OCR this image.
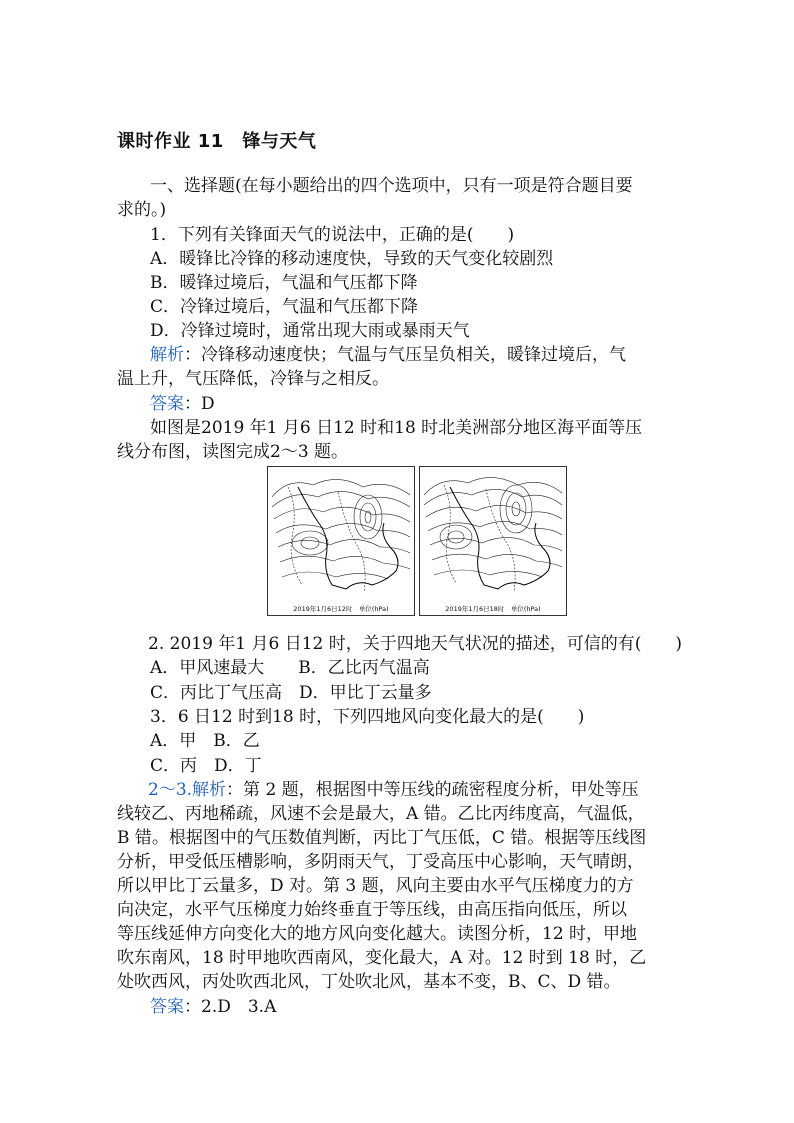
课时作业 11　锋与天气
一、选择题(在每小题给出的四个选项中，只有一项是符合题目要
求的。)
1．下列有关锋面天气的说法中，正确的是(　　)
A．暖锋比冷锋的移动速度快，导致的天气变化较剧烈
B．暖锋过境后，气温和气压都下降
C．冷锋过境后，气温和气压都下降
D．冷锋过境时，通常出现大雨或暴雨天气
解析：冷锋移动速度快；气温与气压呈负相关，暖锋过境后，气
温上升，气压降低，冷锋与之相反。
答案：D
如图是2019 年1 月6 日12 时和18 时北美洲部分地区海平面等压
线分布图，读图完成2～3 题。
2019年1月6日12时　单位(hPa)	2019年1月6日18时　单位(hPa)
2. 2019 年1 月6 日12 时，关于四地天气状况的描述，可信的有(　　)
A．甲风速最大　　B．乙比丙气温高
C．丙比丁气压高　D．甲比丁云量多
3．6 日12 时到18 时，下列四地风向变化最大的是(　　)
A．甲　B．乙
C．丙　D．丁
2～3.解析：第 2 题，根据图中等压线的疏密程度分析，甲处等压
线较乙、丙地稀疏，风速不会是最大，A 错。乙比丙纬度高，气温低，
B 错。根据图中的气压数值判断，丙比丁气压低，C 错。根据等压线图
分析，甲受低压槽影响，多阴雨天气，丁受高压中心影响，天气晴朗，
所以甲比丁云量多，D 对。第 3 题，风向主要由水平气压梯度力的方
向决定，水平气压梯度力始终垂直于等压线，由高压指向低压，所以
等压线延伸方向变化大的地方风向变化越大。读图分析，12 时，甲地
吹东南风，18 时甲地吹西南风，变化最大，A 对。12 时到 18 时，乙
处吹西风，丙处吹西北风，丁处吹北风，基本不变，B、C、D 错。
答案：2.D　3.A
